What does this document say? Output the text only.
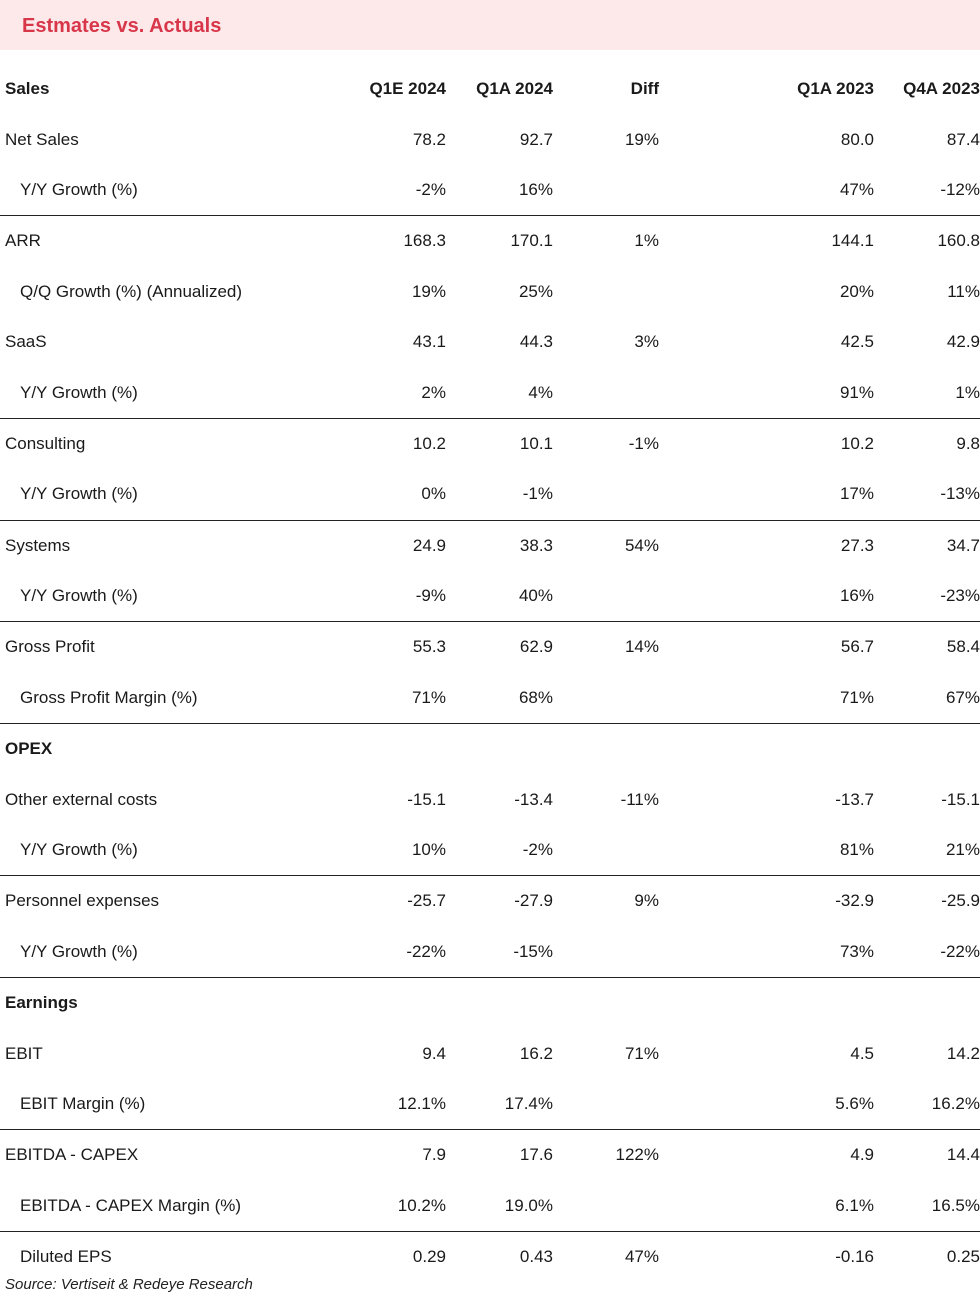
Estmates vs. Actuals
Sales	Q1E 2024	Q1A 2024	Diff	Q1A 2023	Q4A 2023
Net Sales	78.2	92.7	19%	80.0	87.4
Y/Y Growth (%)	-2%	16%		47%	-12%
ARR	168.3	170.1	1%	144.1	160.8
Q/Q Growth (%) (Annualized)	19%	25%		20%	11%
SaaS	43.1	44.3	3%	42.5	42.9
Y/Y Growth (%)	2%	4%		91%	1%
Consulting	10.2	10.1	-1%	10.2	9.8
Y/Y Growth (%)	0%	-1%		17%	-13%
Systems	24.9	38.3	54%	27.3	34.7
Y/Y Growth (%)	-9%	40%		16%	-23%
Gross Profit	55.3	62.9	14%	56.7	58.4
Gross Profit Margin (%)	71%	68%		71%	67%
OPEX					
Other external costs	-15.1	-13.4	-11%	-13.7	-15.1
Y/Y Growth (%)	10%	-2%		81%	21%
Personnel expenses	-25.7	-27.9	9%	-32.9	-25.9
Y/Y Growth (%)	-22%	-15%		73%	-22%
Earnings					
EBIT	9.4	16.2	71%	4.5	14.2
EBIT Margin (%)	12.1%	17.4%		5.6%	16.2%
EBITDA - CAPEX	7.9	17.6	122%	4.9	14.4
EBITDA - CAPEX Margin (%)	10.2%	19.0%		6.1%	16.5%
Diluted EPS	0.29	0.43	47%	-0.16	0.25
Source: Vertiseit & Redeye Research
